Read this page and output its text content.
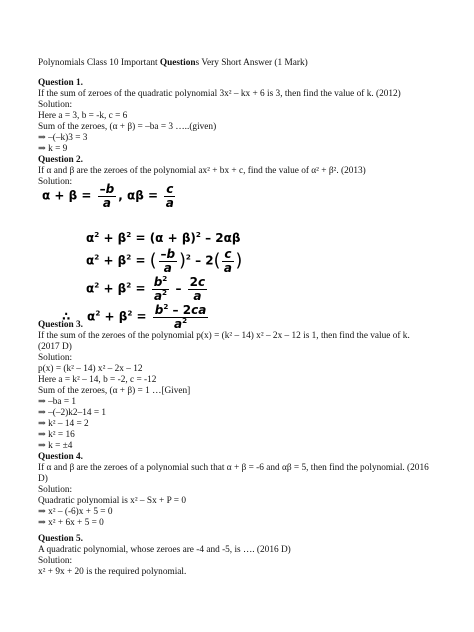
Polynomials Class 10 Important Questions Very Short Answer (1 Mark)
Question 1.
If the sum of zeroes of the quadratic polynomial 3x² – kx + 6 is 3, then find the value of k. (2012)
Solution:
Here a = 3, b = -k, c = 6
Sum of the zeroes, (α + β) = –ba = 3 …..(given)
⇒ –(–k)3 = 3
⇒ k = 9
Question 2.
If α and β are the zeroes of the polynomial ax² + bx + c, find the value of α² + β². (2013)
Solution:
$\alpha + \beta = \frac{-b}{a}$ , $\alpha\beta = \frac{c}{a}$
$\alpha^2 + \beta^2 = (\alpha + \beta)^2 - 2\alpha\beta$
$\alpha^2 + \beta^2$ = ( $\frac{-b}{a} )^2 - 2( \frac{c}{a}$ )
$\alpha^2 + \beta^2 = \frac{b^2}{a^2} - \frac{2c}{a}$
∴    $\alpha^2 + \beta^2 = \frac{b^2 - 2ca}{a^2}$
Question 3.
If the sum of the zeroes of the polynomial p(x) = (k² – 14) x² – 2x – 12 is 1, then find the value of k.
(2017 D)
Solution:
p(x) = (k² – 14) x² – 2x – 12
Here a = k² – 14, b = -2, c = -12
Sum of the zeroes, (α + β) = 1 …[Given]
⇒ –ba = 1
⇒ –(–2)k2–14 = 1
⇒ k² – 14 = 2
⇒ k² = 16
⇒ k = ±4
Question 4.
If α and β are the zeroes of a polynomial such that α + β = -6 and αβ = 5, then find the polynomial. (2016
D)
Solution:
Quadratic polynomial is x² – Sx + P = 0
⇒ x² – (-6)x + 5 = 0
⇒ x² + 6x + 5 = 0
Question 5.
A quadratic polynomial, whose zeroes are -4 and -5, is …. (2016 D)
Solution:
x² + 9x + 20 is the required polynomial.
